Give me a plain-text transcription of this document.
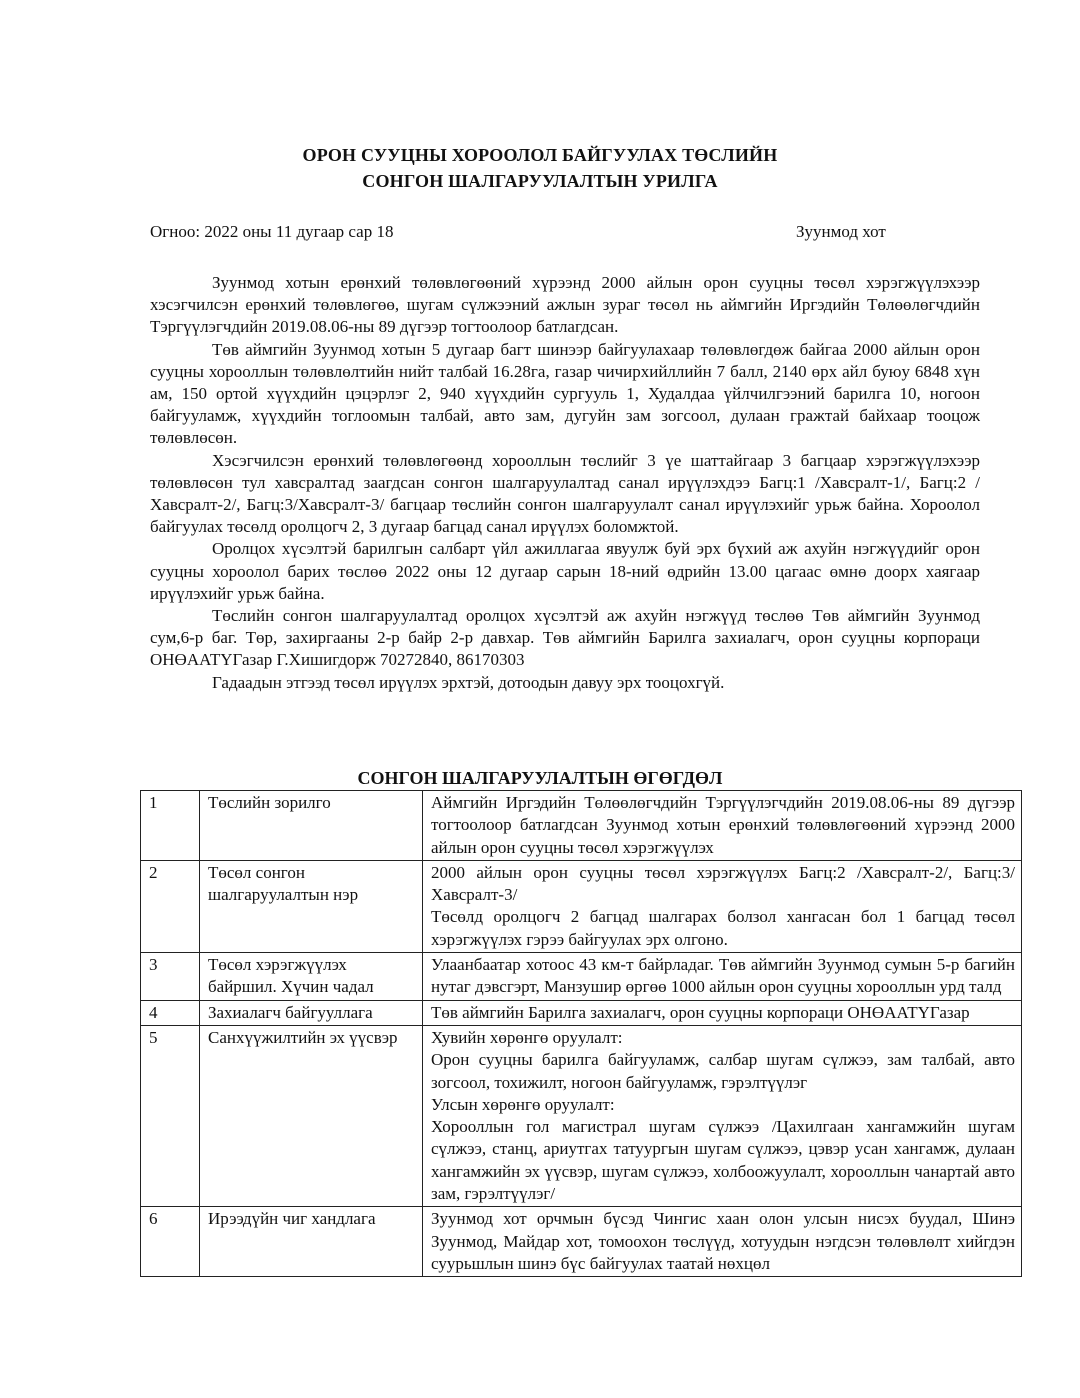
ОРОН СУУЦНЫ ХОРООЛОЛ БАЙГУУЛАХ ТӨСЛИЙН
СОНГОН ШАЛГАРУУЛАЛТЫН УРИЛГА
Огноо: 2022 оны 11 дугаар сар 18	Зуунмод хот

Зуунмод хотын ерөнхий төлөвлөгөөний хүрээнд 2000 айлын орон сууцны төсөл хэрэгжүүлэхээр хэсэгчилсэн ерөнхий төлөвлөгөө, шугам сүлжээний ажлын зураг төсөл нь аймгийн Иргэдийн Төлөөлөгчдийн Тэргүүлэгчдийн 2019.08.06-ны 89 дүгээр тогтоолоор батлагдсан.

Төв аймгийн Зуунмод хотын 5 дугаар багт шинээр байгуулахаар төлөвлөгдөж байгаа 2000 айлын орон сууцны хорооллын төлөвлөлтийн нийт талбай 16.28га, газар чичирхийллийн 7 балл, 2140 өрх айл буюу 6848 хүн ам, 150 ортой хүүхдийн цэцэрлэг 2, 940 хүүхдийн сургууль 1, Худалдаа үйлчилгээний барилга 10, ногоон байгууламж, хүүхдийн тоглоомын талбай, авто зам, дугуйн зам зогсоол, дулаан гражтай байхаар тооцож төлөвлөсөн.

Хэсэгчилсэн ерөнхий төлөвлөгөөнд хорооллын төслийг 3 үе шаттайгаар 3 багцаар хэрэгжүүлэхээр төлөвлөсөн тул хавсралтад заагдсан сонгон шалгаруулалтад санал ирүүлэхдээ Багц:1 /Хавсралт-1/, Багц:2 /Хавсралт-2/, Багц:3/Хавсралт-3/ багцаар төслийн сонгон шалгаруулалт санал ирүүлэхийг урьж байна. Хороолол байгуулах төсөлд оролцогч 2, 3 дугаар багцад санал ирүүлэх боломжтой.

Оролцох хүсэлтэй барилгын салбарт үйл ажиллагаа явуулж буй эрх бүхий аж ахуйн нэгжүүдийг орон сууцны хороолол барих төслөө 2022 оны 12 дугаар сарын 18-ний өдрийн 13.00 цагаас өмнө доорх хаягаар ирүүлэхийг урьж байна.

Төслийн сонгон шалгаруулалтад оролцох хүсэлтэй аж ахуйн нэгжүүд төслөө Төв аймгийн Зуунмод сум,6-р баг. Төр, захиргааны 2-р байр 2-р давхар. Төв аймгийн Барилга захиалагч, орон сууцны корпораци ОНӨААТҮГазар Г.Хишигдорж 70272840, 86170303

Гадаадын этгээд төсөл ирүүлэх эрхтэй, дотоодын давуу эрх тооцохгүй.

СОНГОН ШАЛГАРУУЛАЛТЫН ӨГӨГДӨЛ
1	Төслийн зорилго	Аймгийн Иргэдийн Төлөөлөгчдийн Тэргүүлэгчдийн 2019.08.06-ны 89 дүгээр тогтоолоор батлагдсан Зуунмод хотын ерөнхий төлөвлөгөөний хүрээнд 2000 айлын орон сууцны төсөл хэрэгжүүлэх

2	Төсөл сонгон шалгаруулалтын нэр	2000 айлын орон сууцны төсөл хэрэгжүүлэх Багц:2 /Хавсралт-2/, Багц:3/Хавсралт-3/
Төсөлд оролцогч 2 багцад шалгарах болзол хангасан бол 1 багцад төсөл хэрэгжүүлэх гэрээ байгуулах эрх олгоно.

3	Төсөл хэрэгжүүлэх байршил. Хүчин чадал	Улаанбаатар хотоос 43 км-т байрладаг. Төв аймгийн Зуунмод сумын 5-р багийн нутаг дэвсгэрт, Манзушир өргөө 1000 айлын орон сууцны хорооллын урд талд

4	Захиалагч байгууллага	Төв аймгийн Барилга захиалагч, орон сууцны корпораци ОНӨААТҮГазар

5	Санхүүжилтийн эх үүсвэр	Хувийн хөрөнгө оруулалт:
Орон сууцны барилга байгууламж, салбар шугам сүлжээ, зам талбай, авто зогсоол, тохижилт, ногоон байгууламж, гэрэлтүүлэг
Улсын хөрөнгө оруулалт:
Хорооллын гол магистрал шугам сүлжээ /Цахилгаан хангамжийн шугам сүлжээ, станц, ариутгах татуургын шугам сүлжээ, цэвэр усан хангамж, дулаан хангамжийн эх үүсвэр, шугам сүлжээ, холбоожуулалт, хорооллын чанартай авто зам, гэрэлтүүлэг/

6	Ирээдүйн чиг хандлага	Зуунмод хот орчмын бүсэд Чингис хаан олон улсын нисэх буудал, Шинэ Зуунмод, Майдар хот, томоохон төслүүд, хотуудын нэгдсэн төлөвлөлт хийгдэн суурьшлын шинэ бүс байгуулах таатай нөхцөл
